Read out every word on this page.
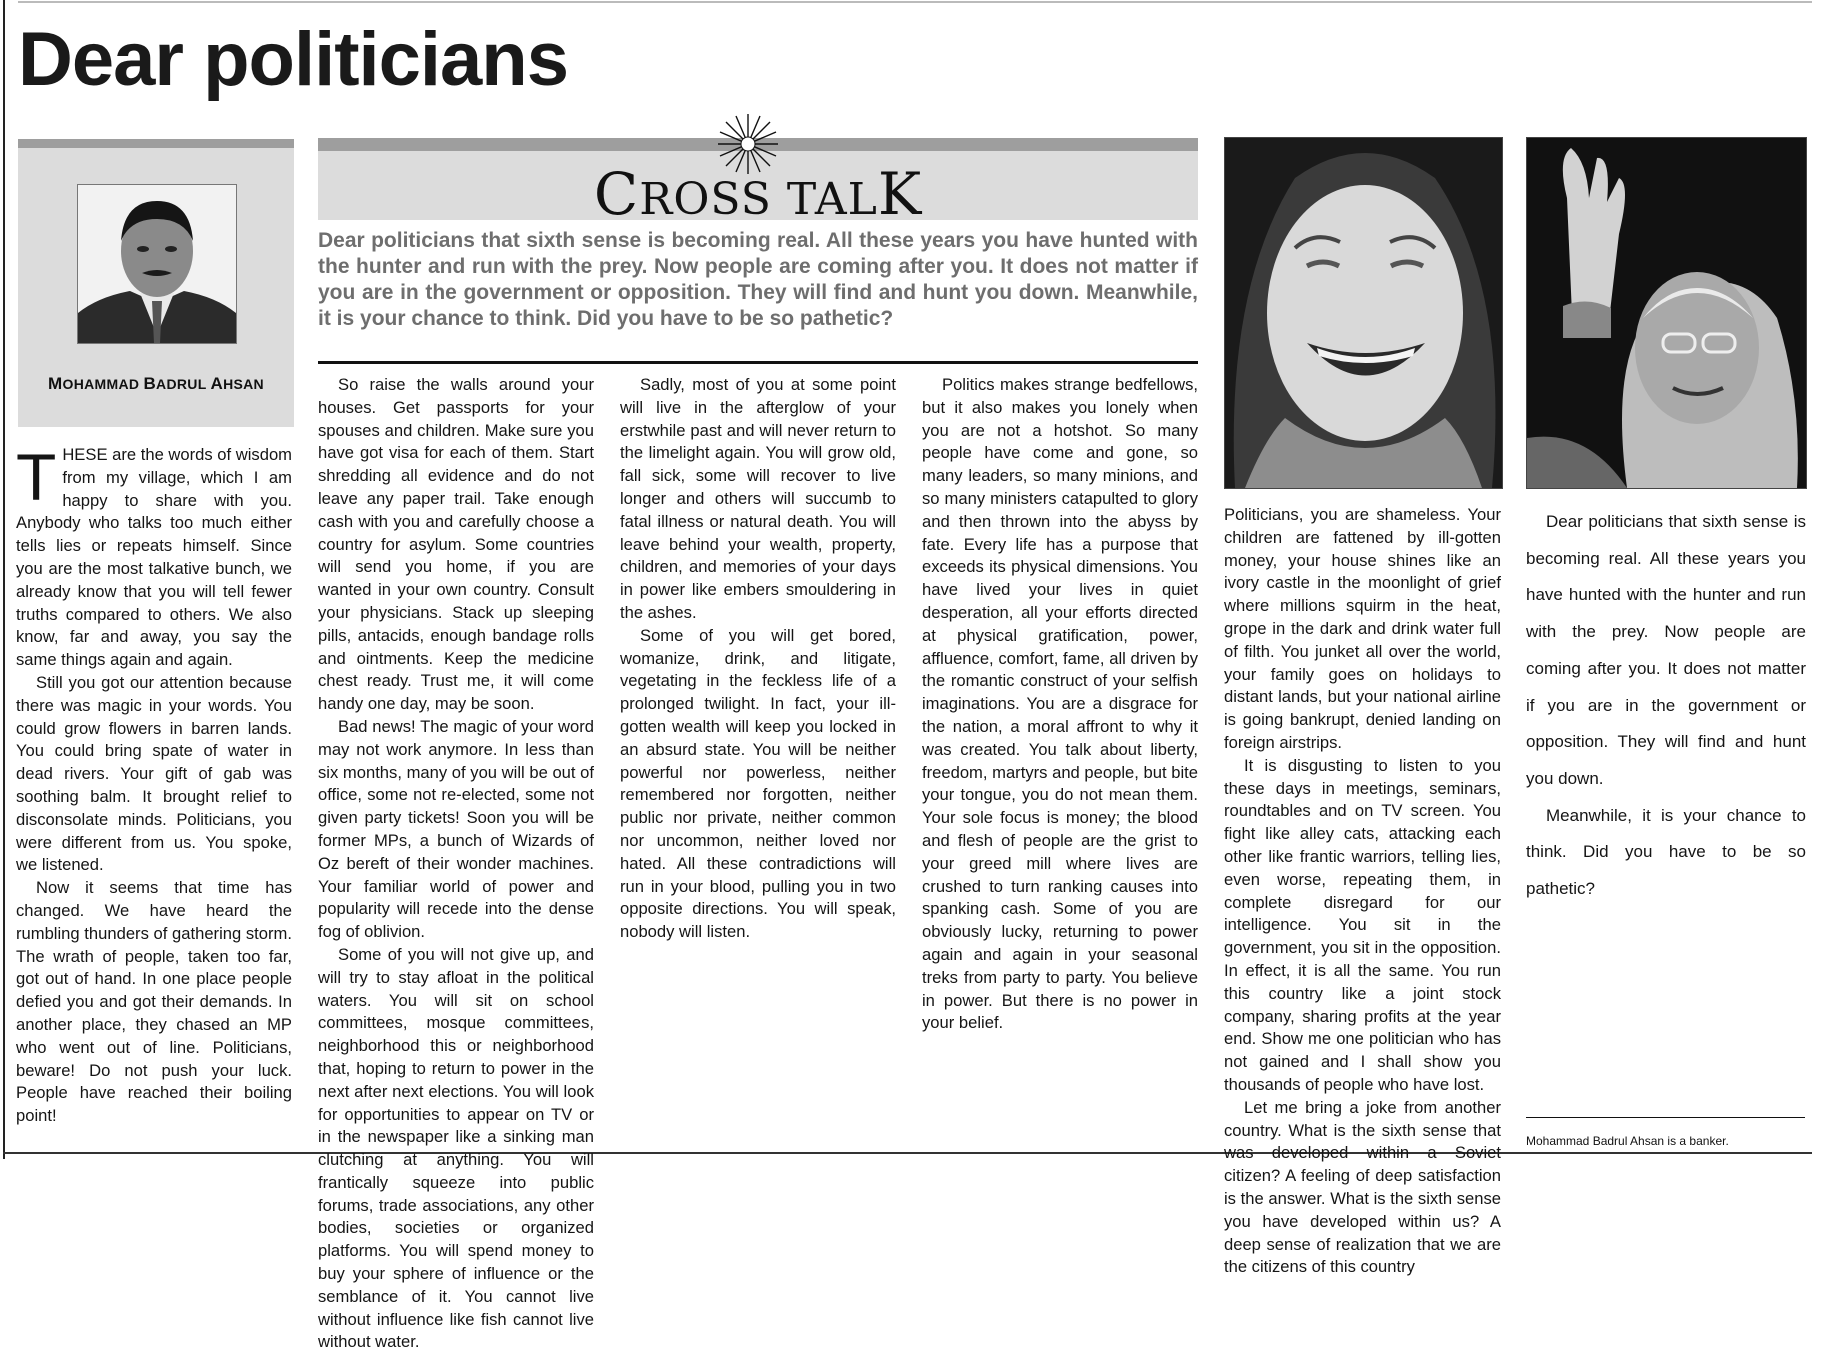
Dear politicians
MOHAMMAD BADRUL AHSAN
CROSS TALK

Dear politicians that sixth sense is becoming real. All these years you have hunted with the hunter and run with the prey. Now people are coming after you. It does not matter if you are in the government or opposition. They will find and hunt you down. Meanwhile, it is your chance to think. Did you have to be so pathetic?

THESE are the words of wisdom from my village, which I am happy to share with you. Anybody who talks too much either tells lies or repeats himself. Since you are the most talkative bunch, we already know that you will tell fewer truths compared to others. We also know, far and away, you say the same things again and again.

Still you got our attention because there was magic in your words. You could grow flowers in barren lands. You could bring spate of water in dead rivers. Your gift of gab was soothing balm. It brought relief to disconsolate minds. Politicians, you were different from us. You spoke, we listened.

Now it seems that time has changed. We have heard the rumbling thunders of gathering storm. The wrath of people, taken too far, got out of hand. In one place people defied you and got their demands. In another place, they chased an MP who went out of line. Politicians, beware! Do not push your luck. People have reached their boiling point!

So raise the walls around your houses. Get passports for your spouses and children. Make sure you have got visa for each of them. Start shredding all evidence and do not leave any paper trail. Take enough cash with you and carefully choose a country for asylum. Some countries will send you home, if you are wanted in your own country. Consult your physicians. Stack up sleeping pills, antacids, enough bandage rolls and ointments. Keep the medicine chest ready. Trust me, it will come handy one day, may be soon.

Bad news! The magic of your word may not work anymore. In less than six months, many of you will be out of office, some not re-elected, some not given party tickets! Soon you will be former MPs, a bunch of Wizards of Oz bereft of their wonder machines. Your familiar world of power and popularity will recede into the dense fog of oblivion.

Some of you will not give up, and will try to stay afloat in the political waters. You will sit on school committees, mosque committees, neighborhood this or neighborhood that, hoping to return to power in the next after next elections. You will look for opportunities to appear on TV or in the newspaper like a sinking man clutching at anything. You will frantically squeeze into public forums, trade associations, any other bodies, societies or organized platforms. You will spend money to buy your sphere of influence or the semblance of it. You cannot live without influence like fish cannot live without water.

Sadly, most of you at some point will live in the afterglow of your erstwhile past and will never return to the limelight again. You will grow old, fall sick, some will recover to live longer and others will succumb to fatal illness or natural death. You will leave behind your wealth, property, children, and memories of your days in power like embers smouldering in the ashes.

Some of you will get bored, womanize, drink, and litigate, vegetating in the feckless life of a prolonged twilight. In fact, your ill-gotten wealth will keep you locked in an absurd state. You will be neither powerful nor powerless, neither remembered nor forgotten, neither public nor private, neither common nor uncommon, neither loved nor hated. All these contradictions will run in your blood, pulling you in two opposite directions. You will speak, nobody will listen.

Politics makes strange bedfellows, but it also makes you lonely when you are not a hotshot. So many people have come and gone, so many leaders, so many minions, and so many ministers catapulted to glory and then thrown into the abyss by fate. Every life has a purpose that exceeds its physical dimensions. You have lived your lives in quiet desperation, all your efforts directed at physical gratification, power, affluence, comfort, fame, all driven by the romantic construct of your selfish imaginations. You are a disgrace for the nation, a moral affront to why it was created. You talk about liberty, freedom, martyrs and people, but bite your tongue, you do not mean them. Your sole focus is money; the blood and flesh of people are the grist to your greed mill where lives are crushed to turn ranking causes into spanking cash. Some of you are obviously lucky, returning to power again and again in your seasonal treks from party to party. You believe in power. But there is no power in your belief.

Politicians, you are shameless. Your children are fattened by ill-gotten money, your house shines like an ivory castle in the moonlight of grief where millions squirm in the heat, grope in the dark and drink water full of filth. You junket all over the world, your family goes on holidays to distant lands, but your national airline is going bankrupt, denied landing on foreign airstrips.

It is disgusting to listen to you these days in meetings, seminars, roundtables and on TV screen. You fight like alley cats, attacking each other like frantic warriors, telling lies, even worse, repeating them, in complete disregard for our intelligence. You sit in the government, you sit in the opposition. In effect, it is all the same. You run this country like a joint stock company, sharing profits at the year end. Show me one politician who has not gained and I shall show you thousands of people who have lost.

Let me bring a joke from another country. What is the sixth sense that was developed within a Soviet citizen? A feeling of deep satisfaction is the answer. What is the sixth sense you have developed within us? A deep sense of realization that we are the citizens of this country

Dear politicians that sixth sense is becoming real. All these years you have hunted with the hunter and run with the prey. Now people are coming after you. It does not matter if you are in the government or opposition. They will find and hunt you down.

Meanwhile, it is your chance to think. Did you have to be so pathetic?

Mohammad Badrul Ahsan is a banker.
